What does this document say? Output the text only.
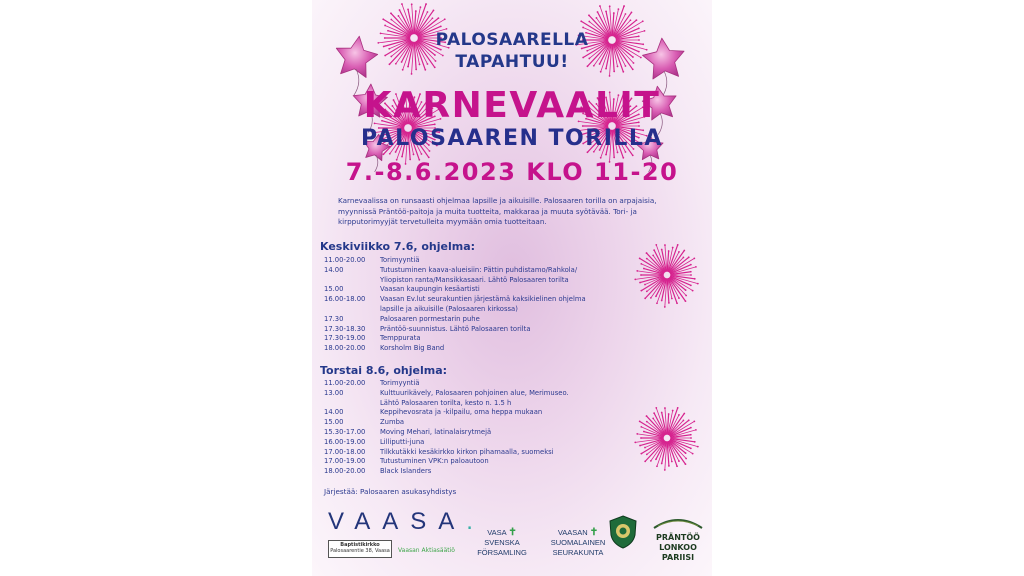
PALOSAARELLA
TAPAHTUU!
KARNEVAALIT
PALOSAAREN TORILLA
7.-8.6.2023 KLO 11-20
Karnevaalissa on runsaasti ohjelmaa lapsille ja aikuisille. Palosaaren torilla on arpajaisia, myynnissä Präntöö-paitoja ja muita tuotteita, makkaraa ja muuta syötävää. Tori- ja kirpputorimyyjät tervetulleita myymään omia tuotteitaan.
Keskiviikko 7.6, ohjelma:
11.00-20.00	Torimyyntiä
14.00	Tutustuminen kaava-alueisiin: Pättin puhdistamo/Rahkola/
Yliopiston ranta/Mansikkasaari. Lähtö Palosaaren torilta
15.00	Vaasan kaupungin kesäartisti
16.00-18.00	Vaasan Ev.lut seurakuntien järjestämä kaksikielinen ohjelma
lapsille ja aikuisille (Palosaaren kirkossa)
17.30	Palosaaren pormestarin puhe
17.30-18.30	Präntöö-suunnistus. Lähtö Palosaaren torilta
17.30-19.00	Temppurata
18.00-20.00	Korsholm Big Band
Torstai 8.6, ohjelma:
11.00-20.00	Torimyyntiä
13.00	Kulttuurikävely, Palosaaren pohjoinen alue, Merimuseo.
Lähtö Palosaaren torilta, kesto n. 1.5 h
14.00	Keppihevosrata ja -kilpailu, oma heppa mukaan
15.00	Zumba
15.30-17.00	Moving Mehari, latinalaisrytmejä
16.00-19.00	Lilliputti-juna
17.00-18.00	Tilkkutäkki kesäkirkko kirkon pihamaalla, suomeksi
17.00-19.00	Tutustuminen VPK:n paloautoon
18.00-20.00	Black Islanders
Järjestää: Palosaaren asukasyhdistys
VAASA.
Baptistikirkko
Palosaarentie 38, Vaasa Vaasan Aktiasäätiö
VASA ✝
SVENSKA
FÖRSAMLING
VAASAN ✝
SUOMALAINEN
SEURAKUNTA
PRÄNTÖÖ
LONKOO
PARIISI
